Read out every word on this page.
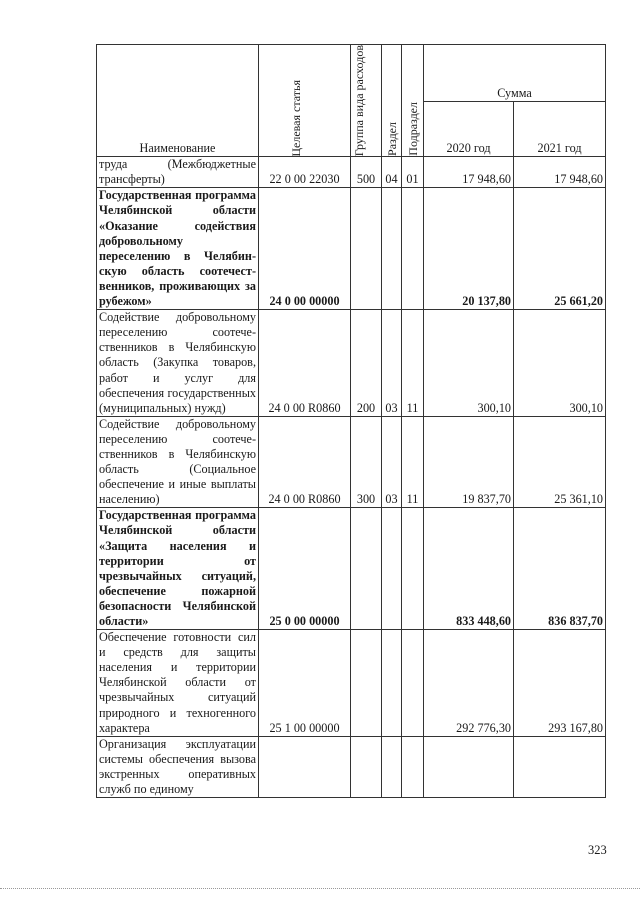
Наименование	Целевая статья	Группа вида расходов	Раздел	Подраздел	Сумма	
					2020 год	2021 год
труда (Межбюджетные трансферты)	22 0 00 22030	500	04	01	17 948,60	17 948,60
Государственная программа Челябинской области «Оказание содействия добровольному переселению в Челябинскую область соотечественников, проживающих за рубежом»	24 0 00 00000				20 137,80	25 661,20
Содействие добровольному переселению соотечественников в Челябинскую область (Закупка товаров, работ и услуг для обеспечения государственных (муниципальных) нужд)	24 0 00 R0860	200	03	11	300,10	300,10
Содействие добровольному переселению соотечественников в Челябинскую область (Социальное обеспечение и иные выплаты населению)	24 0 00 R0860	300	03	11	19 837,70	25 361,10
Государственная программа Челябинской области «Защита населения и территории от чрезвычайных ситуаций, обеспечение пожарной безопасности Челябинской области»	25 0 00 00000				833 448,60	836 837,70
Обеспечение готовности сил и средств для защиты населения и территории Челябинской области от чрезвычайных ситуаций природного и техногенного характера	25 1 00 00000				292 776,30	293 167,80
Организация эксплуатации системы обеспечения вызова экстренных оперативных служб по единому						
323
